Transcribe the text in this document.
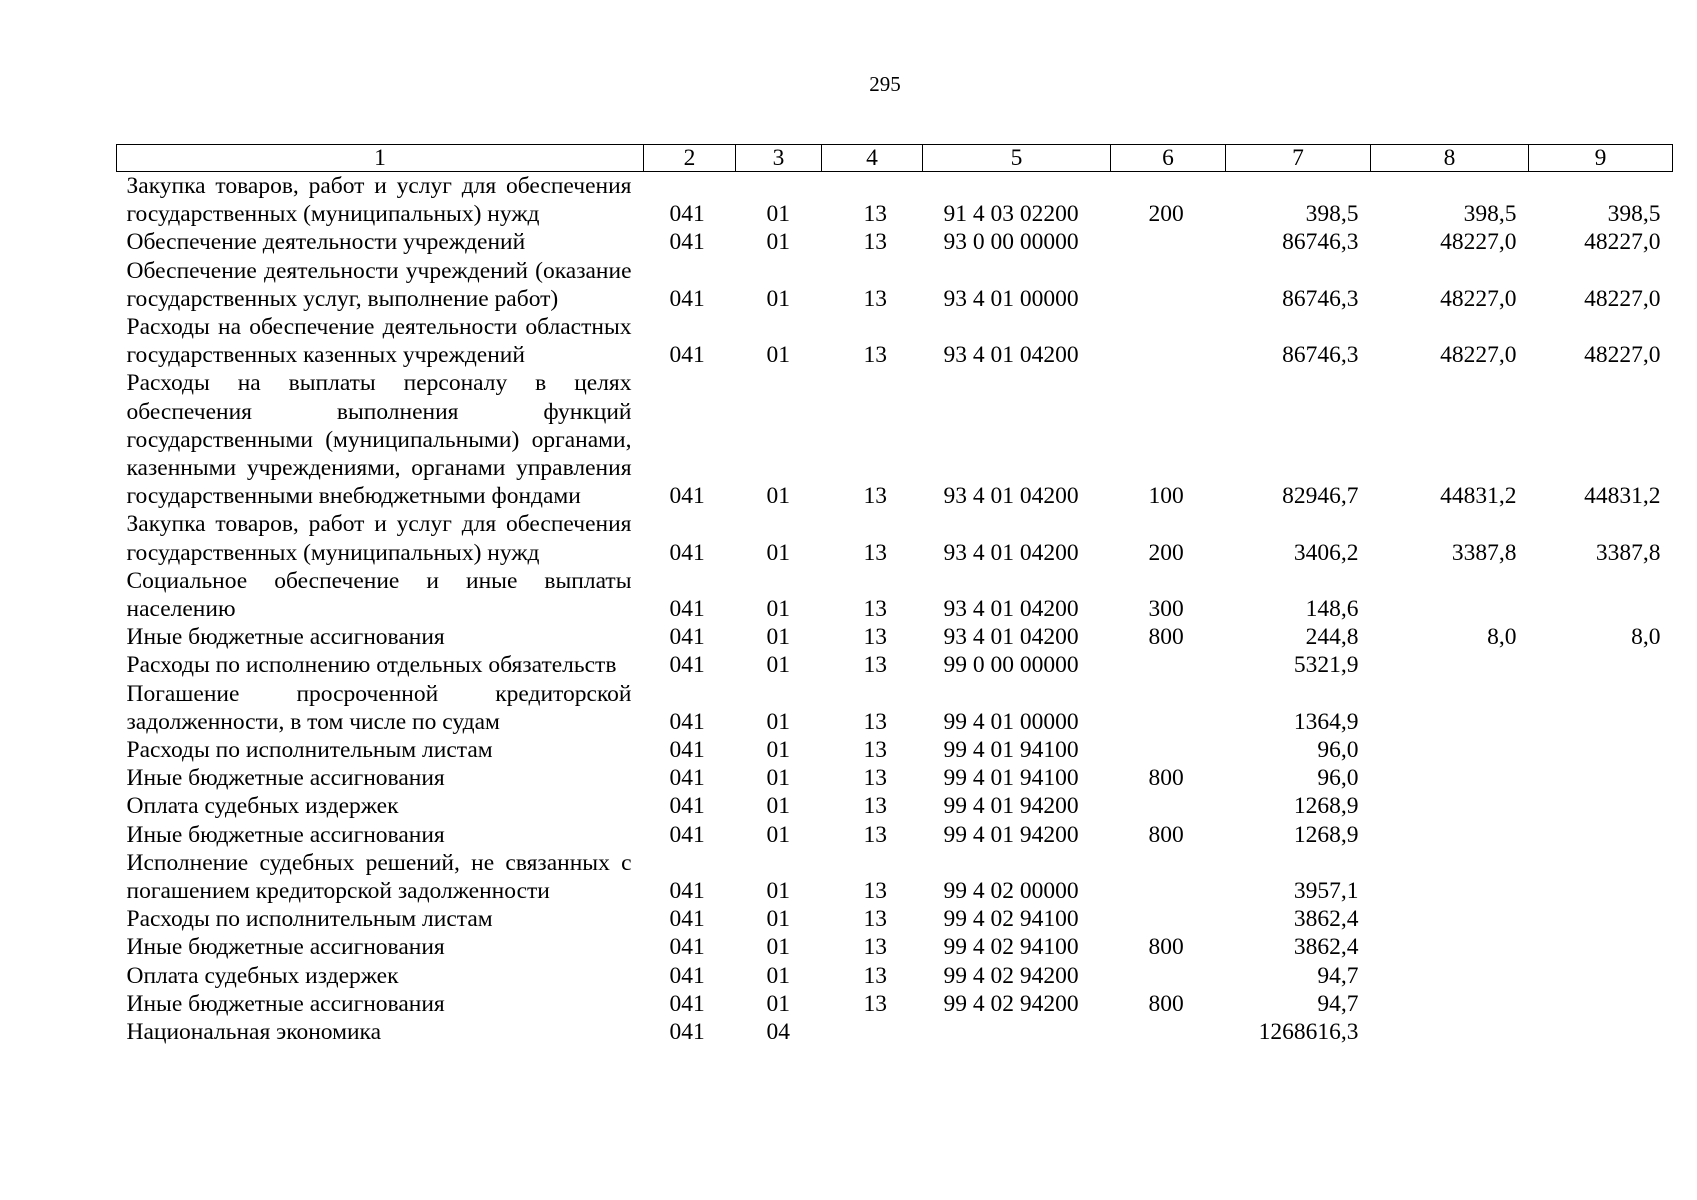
295
1	2	3	4	5	6	7	8	9
Закупка товаров, работ и услуг для обеспечения государственных (муниципальных) нужд	041	01	13	91 4 03 02200	200	398,5	398,5	398,5
Обеспечение деятельности учреждений	041	01	13	93 0 00 00000		86746,3	48227,0	48227,0
Обеспечение деятельности учреждений (оказание государственных услуг, выполнение работ)	041	01	13	93 4 01 00000		86746,3	48227,0	48227,0
Расходы на обеспечение деятельности областных государственных казенных учреждений	041	01	13	93 4 01 04200		86746,3	48227,0	48227,0
Расходы на выплаты персоналу в целях обеспечения выполнения функций государственными (муниципальными) органами, казенными учреждениями, органами управления государственными внебюджетными фондами	041	01	13	93 4 01 04200	100	82946,7	44831,2	44831,2
Закупка товаров, работ и услуг для обеспечения государственных (муниципальных) нужд	041	01	13	93 4 01 04200	200	3406,2	3387,8	3387,8
Социальное обеспечение и иные выплаты населению	041	01	13	93 4 01 04200	300	148,6		
Иные бюджетные ассигнования	041	01	13	93 4 01 04200	800	244,8	8,0	8,0
Расходы по исполнению отдельных обязательств	041	01	13	99 0 00 00000		5321,9		
Погашение просроченной кредиторской задолженности, в том числе по судам	041	01	13	99 4 01 00000		1364,9		
Расходы по исполнительным листам	041	01	13	99 4 01 94100		96,0		
Иные бюджетные ассигнования	041	01	13	99 4 01 94100	800	96,0		
Оплата судебных издержек	041	01	13	99 4 01 94200		1268,9		
Иные бюджетные ассигнования	041	01	13	99 4 01 94200	800	1268,9		
Исполнение судебных решений, не связанных с погашением кредиторской задолженности	041	01	13	99 4 02 00000		3957,1		
Расходы по исполнительным листам	041	01	13	99 4 02 94100		3862,4		
Иные бюджетные ассигнования	041	01	13	99 4 02 94100	800	3862,4		
Оплата судебных издержек	041	01	13	99 4 02 94200		94,7		
Иные бюджетные ассигнования	041	01	13	99 4 02 94200	800	94,7		
Национальная экономика	041	04				1268616,3		
